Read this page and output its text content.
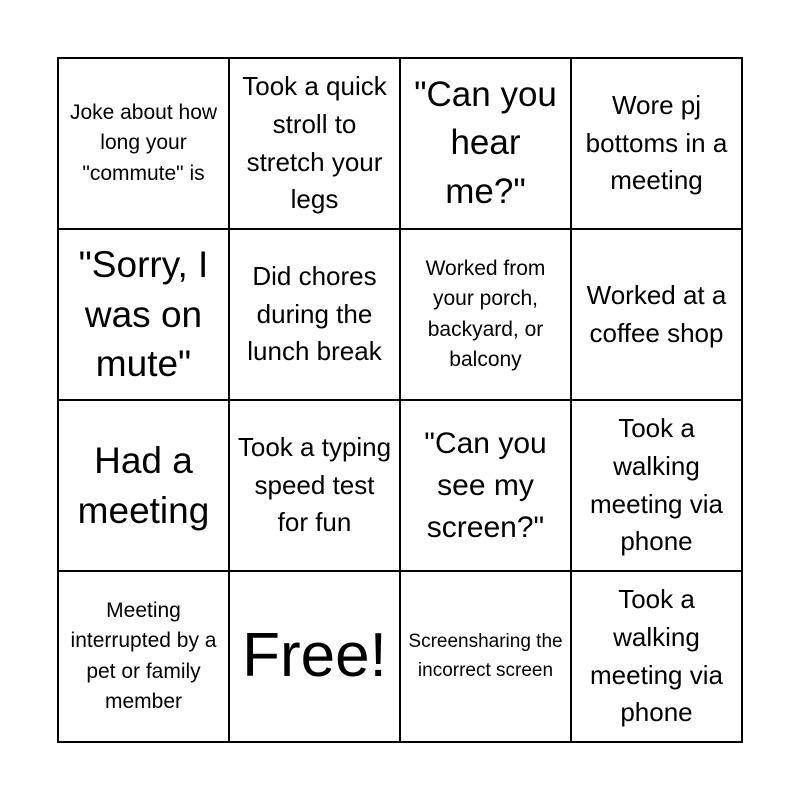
Joke about how long your "commute" is
Took a quick stroll to stretch your legs
"Can you hear me?"
Wore pj bottoms in a meeting
"Sorry, I was on mute"
Did chores during the lunch break
Worked from your porch, backyard, or balcony
Worked at a coffee shop
Had a meeting
Took a typing speed test for fun
"Can you see my screen?"
Took a walking meeting via phone
Meeting interrupted by a pet or family member
Free! Screensharing the incorrect screen
Took a walking meeting via phone
